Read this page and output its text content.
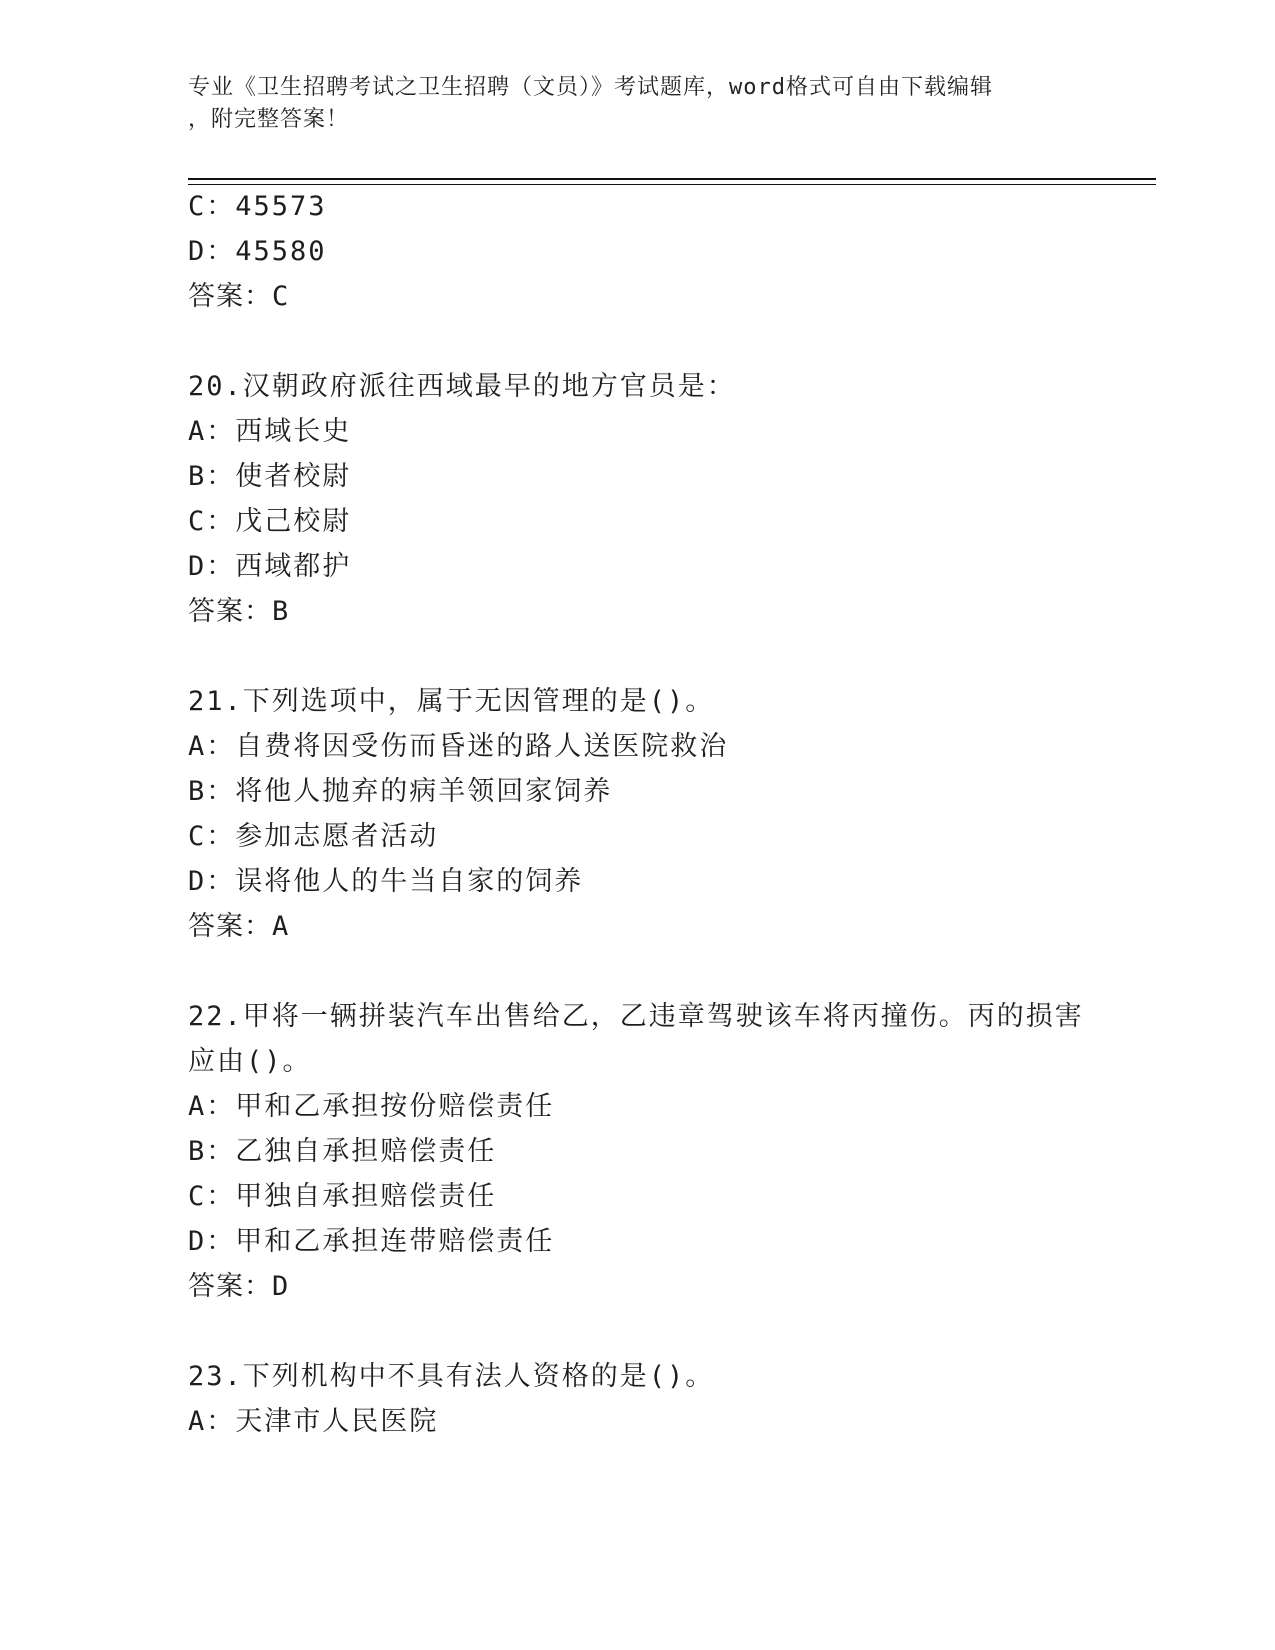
专业《卫生招聘考试之卫生招聘（文员）》考试题库，word格式可自由下载编辑
，附完整答案！
C：45573
D：45580
答案：C
20.汉朝政府派往西域最早的地方官员是：
A：西域长史
B：使者校尉
C：戊己校尉
D：西域都护
答案：B
21.下列选项中，属于无因管理的是()。
A：自费将因受伤而昏迷的路人送医院救治
B：将他人抛弃的病羊领回家饲养
C：参加志愿者活动
D：误将他人的牛当自家的饲养
答案：A
22.甲将一辆拼装汽车出售给乙，乙违章驾驶该车将丙撞伤。丙的损害
应由()。
A：甲和乙承担按份赔偿责任
B：乙独自承担赔偿责任
C：甲独自承担赔偿责任
D：甲和乙承担连带赔偿责任
答案：D
23.下列机构中不具有法人资格的是()。
A：天津市人民医院
